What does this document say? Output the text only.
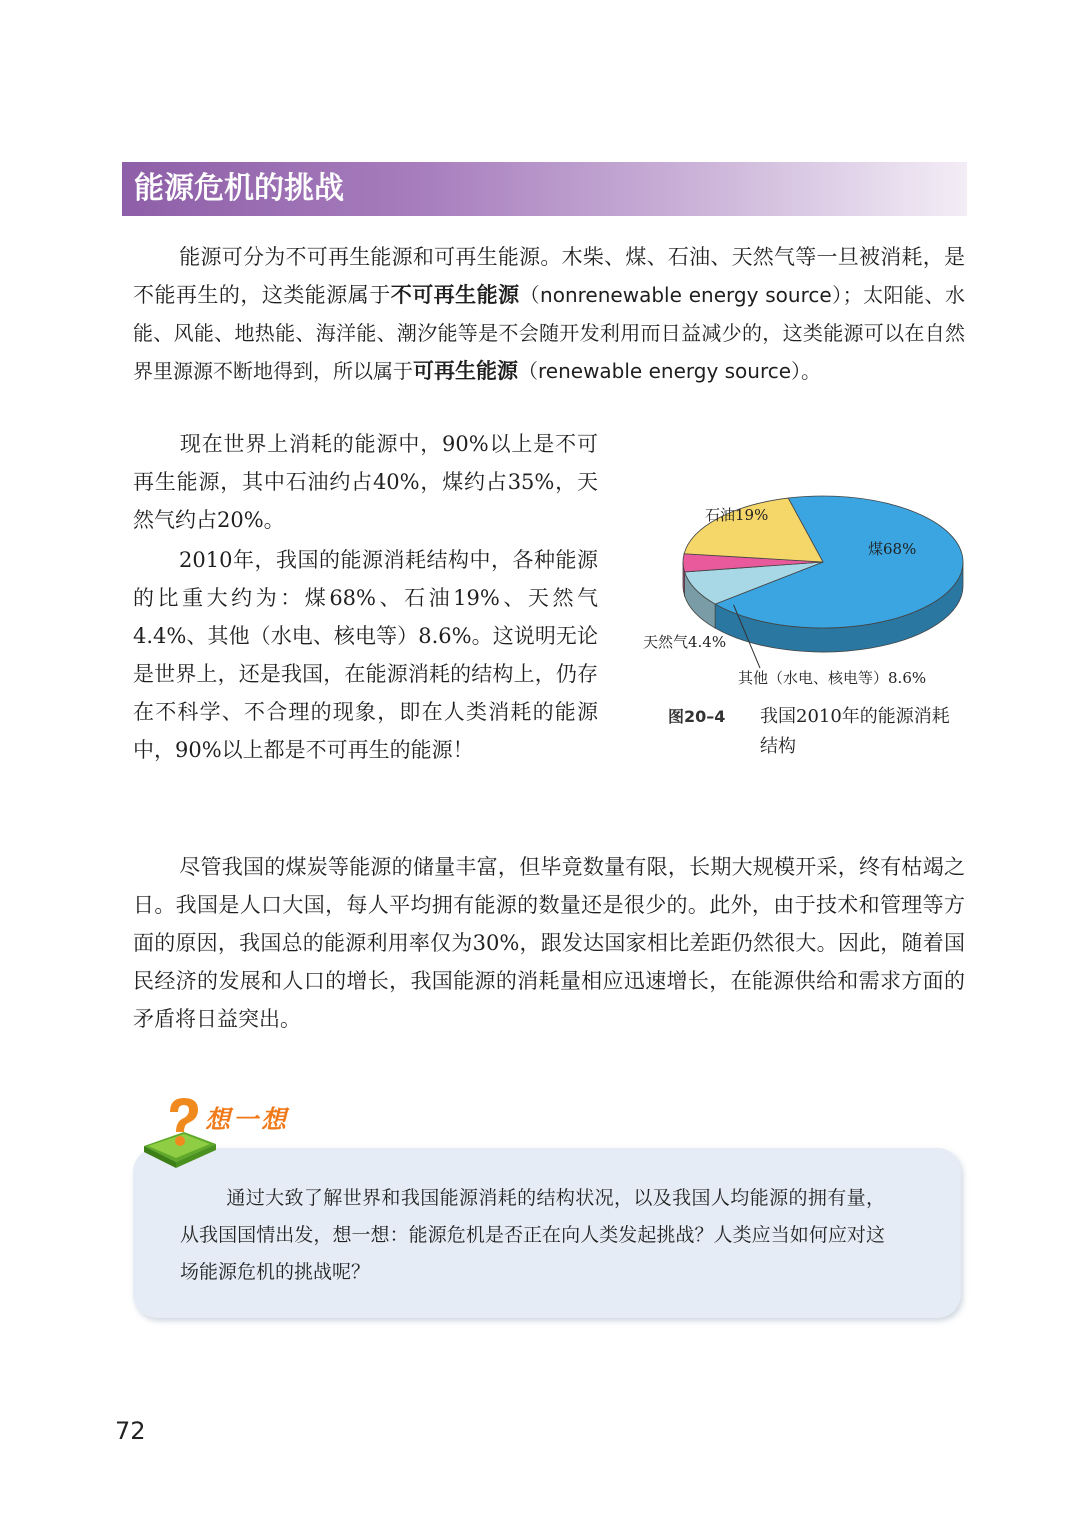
能源危机的挑战

能源可分为不可再生能源和可再生能源。木柴、煤、石油、天然气等一旦被消耗，是不能再生的，这类能源属于不可再生能源（nonrenewable energy source）；太阳能、水能、风能、地热能、海洋能、潮汐能等是不会随开发利用而日益减少的，这类能源可以在自然界里源源不断地得到，所以属于可再生能源（renewable energy source）。

现在世界上消耗的能源中，90%以上是不可再生能源，其中石油约占40%，煤约占35%，天然气约占20%。

2010年，我国的能源消耗结构中，各种能源的比重大约为：煤68%、石油19%、天然气4.4%、其他（水电、核电等）8.6%。这说明无论是世界上，还是我国，在能源消耗的结构上，仍存在不科学、不合理的现象，即在人类消耗的能源中，90%以上都是不可再生的能源！

煤68%
石油19%
天然气4.4%
其他（水电、核电等）8.6%
图20–4 我国2010年的能源消耗结构

尽管我国的煤炭等能源的储量丰富，但毕竟数量有限，长期大规模开采，终有枯竭之日。我国是人口大国，每人平均拥有能源的数量还是很少的。此外，由于技术和管理等方面的原因，我国总的能源利用率仅为30%，跟发达国家相比差距仍然很大。因此，随着国民经济的发展和人口的增长，我国能源的消耗量相应迅速增长，在能源供给和需求方面的矛盾将日益突出。

想一想

通过大致了解世界和我国能源消耗的结构状况，以及我国人均能源的拥有量，从我国国情出发，想一想：能源危机是否正在向人类发起挑战？人类应当如何应对这场能源危机的挑战呢？

72
